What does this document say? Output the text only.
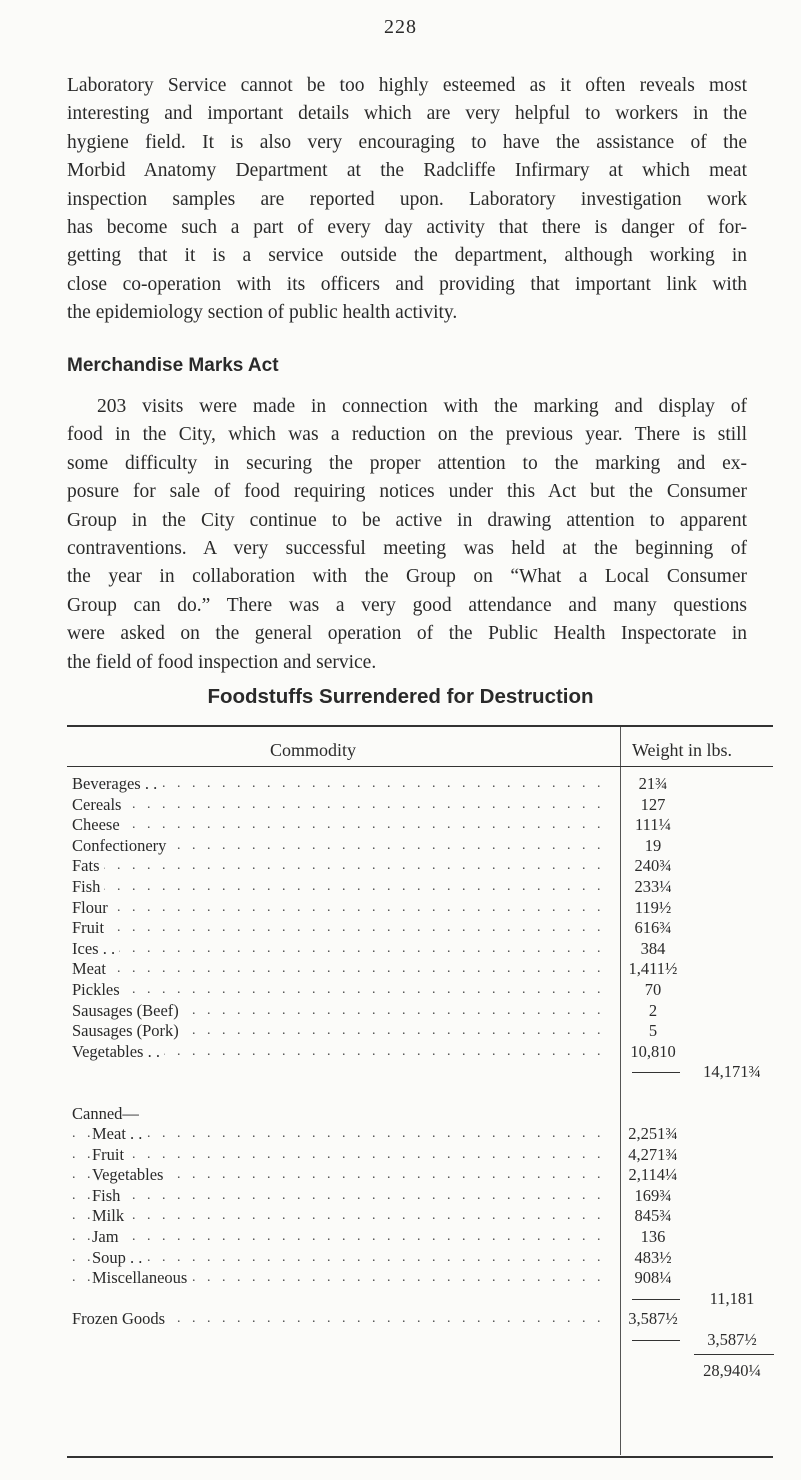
228
Laboratory Service cannot be too highly esteemed as it often reveals most
interesting and important details which are very helpful to workers in the
hygiene field. It is also very encouraging to have the assistance of the
Morbid Anatomy Department at the Radcliffe Infirmary at which meat
inspection samples are reported upon. Laboratory investigation work
has become such a part of every day activity that there is danger of for-
getting that it is a service outside the department, although working in
close co-operation with its officers and providing that important link with
the epidemiology section of public health activity.
Merchandise Marks Act
203 visits were made in connection with the marking and display of
food in the City, which was a reduction on the previous year. There is still
some difficulty in securing the proper attention to the marking and ex-
posure for sale of food requiring notices under this Act but the Consumer
Group in the City continue to be active in drawing attention to apparent
contraventions. A very successful meeting was held at the beginning of
the year in collaboration with the Group on “What a Local Consumer
Group can do.” There was a very good attendance and many questions
were asked on the general operation of the Public Health Inspectorate in
the field of food inspection and service.
Foodstuffs Surrendered for Destruction
Commodity	Weight in lbs.
. . .
Beverages . .	21¾
. . .
Cereals	127
. . .
Cheese	111¼
. . .
Confectionery	19
. . .
Fats	240¾
. . .
Fish	233¼
. . .
Flour	119½
. . .
Fruit	616¾
. . .
Ices . .	384
. . .
Meat	1,411½
. . .
Pickles	70
. . .
Sausages (Beef)	2
. . .
Sausages (Pork)	5
. . .
Vegetables . .	10,810
14,171¾
Canned—
. . .
Meat . .	2,251¾
. . .
Fruit	4,271¾
. . .
Vegetables	2,114¼
. . .
Fish	169¾
. . .
Milk	845¾
. . .
Jam	136
. . .
Soup . .	483½
. . .
Miscellaneous	908¼
11,181
. . .
Frozen Goods	3,587½
3,587½
28,940¼
